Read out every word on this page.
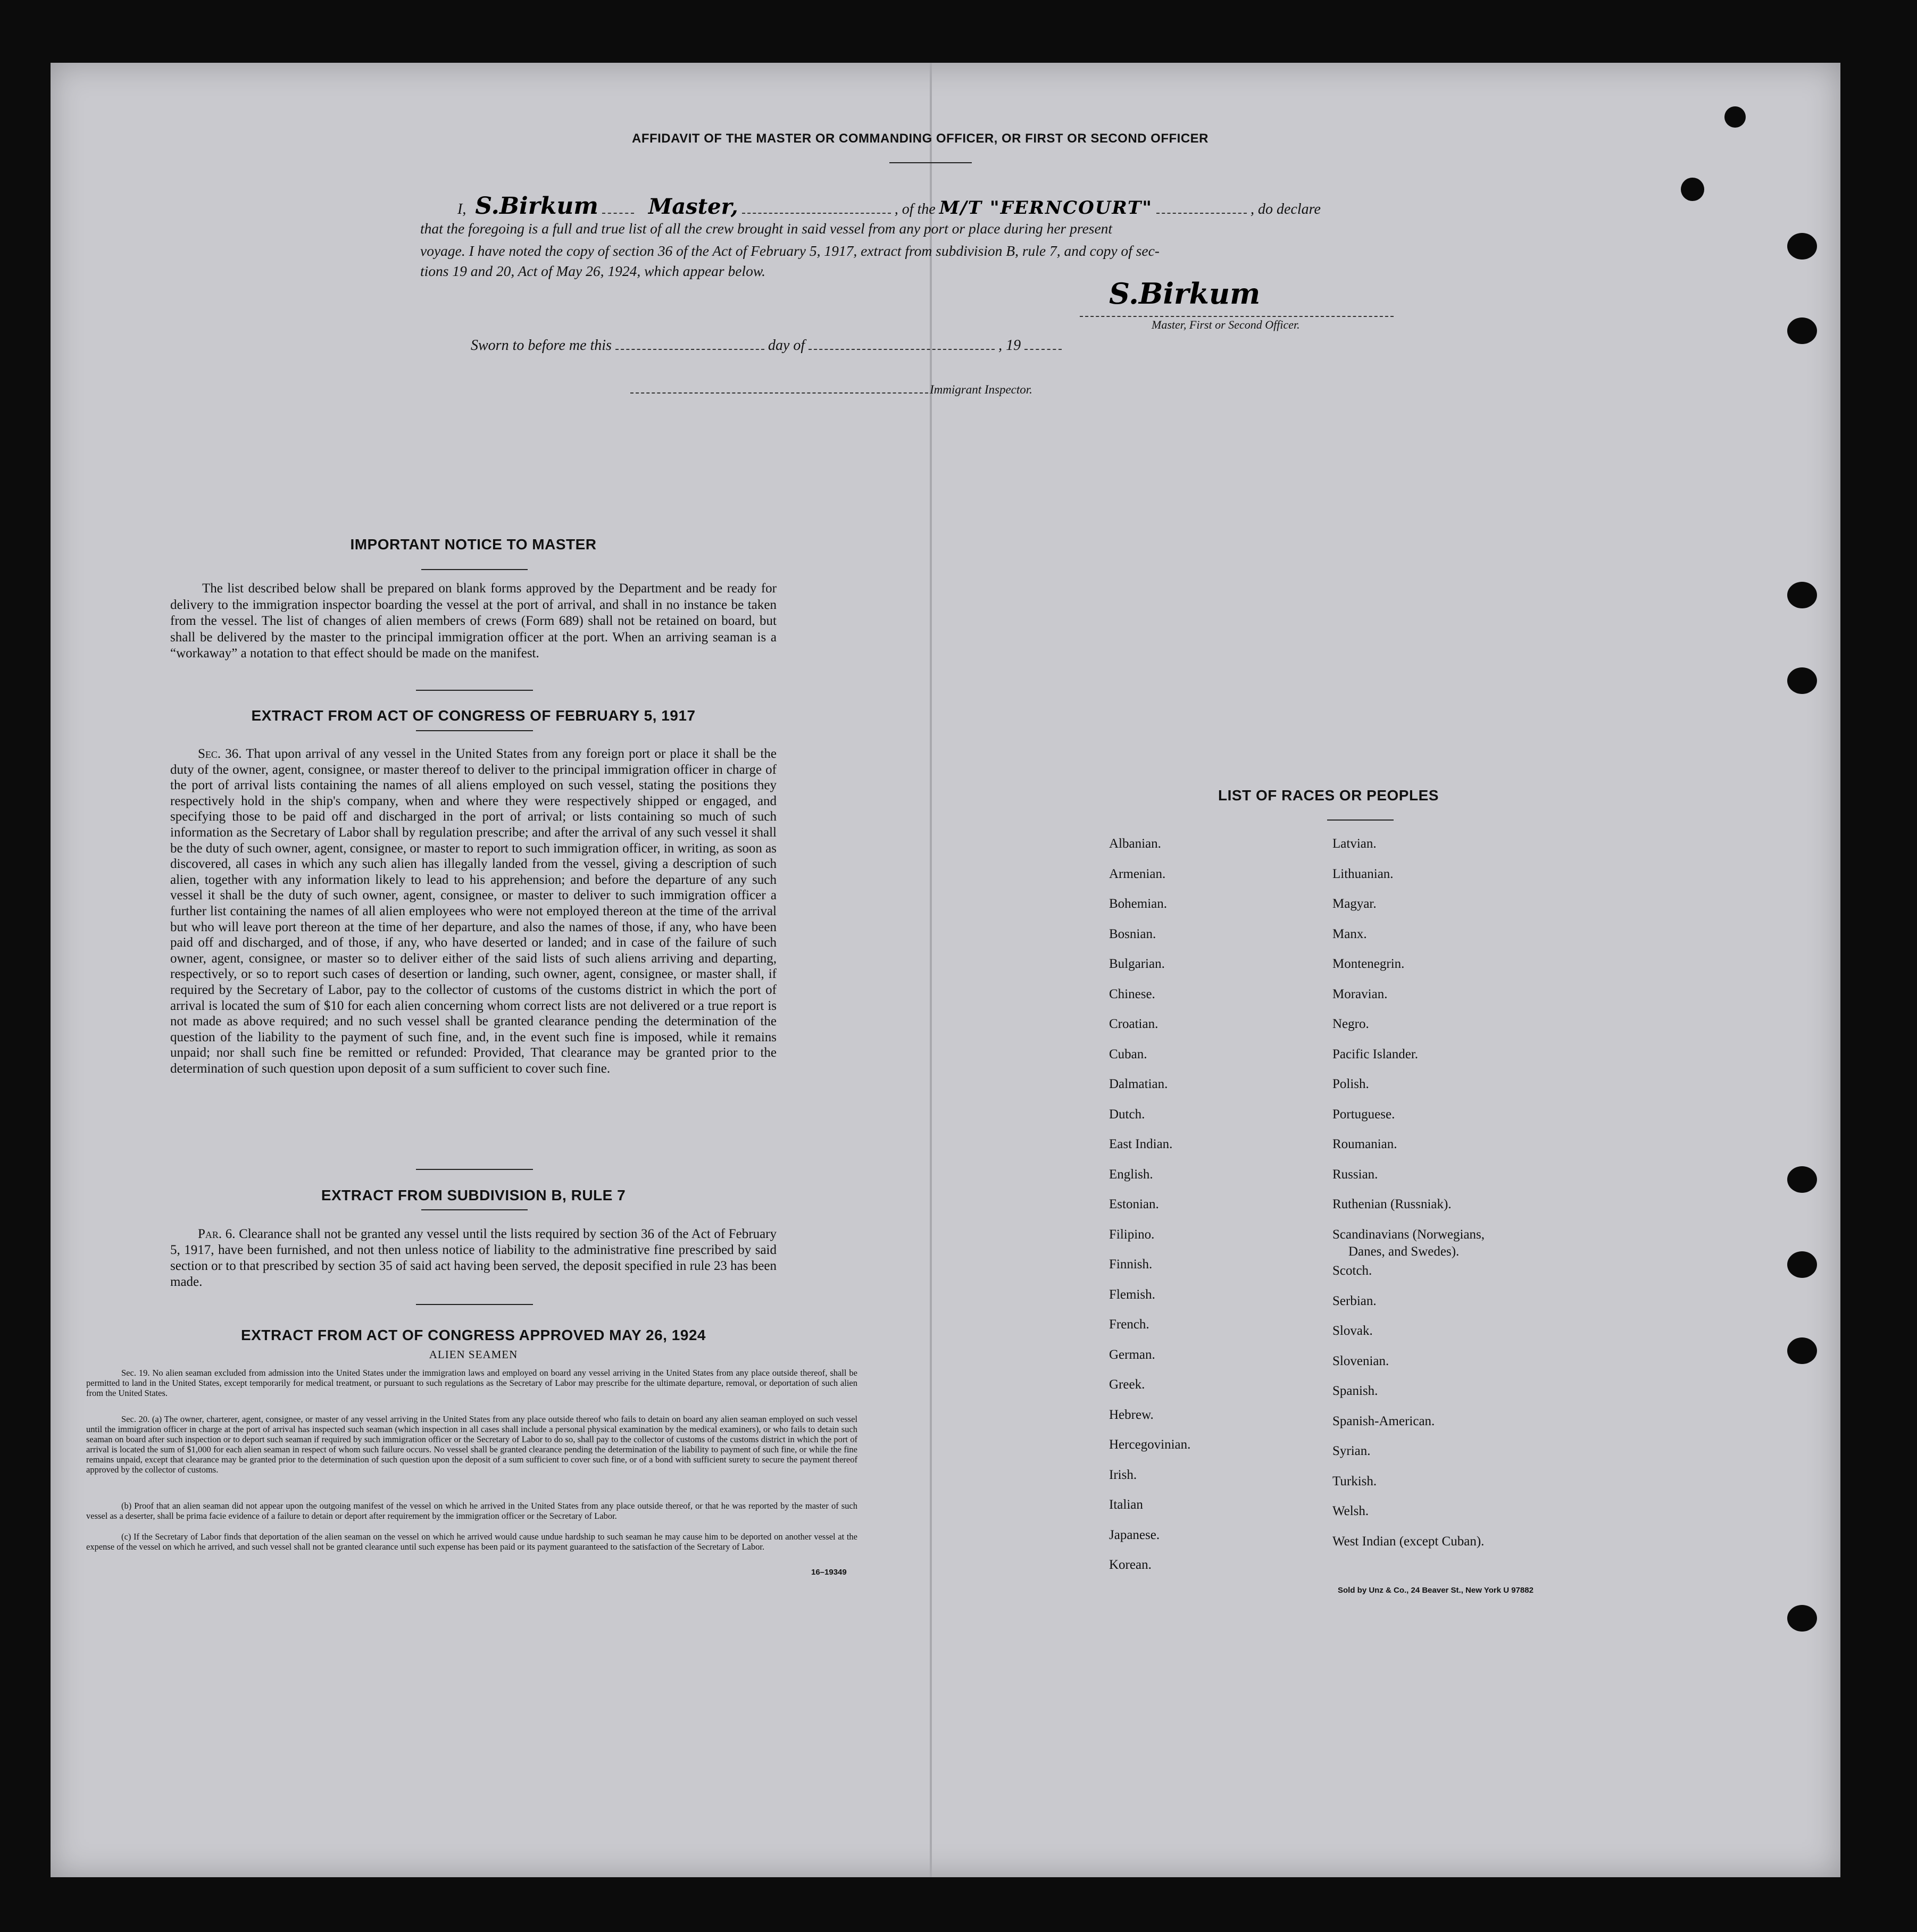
AFFIDAVIT OF THE MASTER OR COMMANDING OFFICER, OR FIRST OR SECOND OFFICER
I, S.Birkum Master,	, of the M/T "FERNCOURT"	, do declare
that the foregoing is a full and true list of all the crew brought in said vessel from any port or place during her present
voyage. I have noted the copy of section 36 of the Act of February 5, 1917, extract from subdivision B, rule 7, and copy of sec-
tions 19 and 20, Act of May 26, 1924, which appear below.
S.Birkum
Master, First or Second Officer.
Sworn to before me this	day of	, 19
Immigrant Inspector.
IMPORTANT NOTICE TO MASTER
The list described below shall be prepared on blank forms approved by the Department and be ready for delivery to the immigration inspector boarding the vessel at the port of arrival, and shall in no instance be taken from the vessel. The list of changes of alien members of crews (Form 689) shall not be retained on board, but shall be delivered by the master to the principal immigration officer at the port. When an arriving seaman is a “workaway” a notation to that effect should be made on the manifest.
EXTRACT FROM ACT OF CONGRESS OF FEBRUARY 5, 1917
Sec. 36. That upon arrival of any vessel in the United States from any foreign port or place it shall be the duty of the owner, agent, consignee, or master thereof to deliver to the principal immigration officer in charge of the port of arrival lists containing the names of all aliens employed on such vessel, stating the positions they respectively hold in the ship's company, when and where they were respectively shipped or engaged, and specifying those to be paid off and discharged in the port of arrival; or lists containing so much of such information as the Secretary of Labor shall by regulation prescribe; and after the arrival of any such vessel it shall be the duty of such owner, agent, consignee, or master to report to such immigration officer, in writing, as soon as discovered, all cases in which any such alien has illegally landed from the vessel, giving a description of such alien, together with any information likely to lead to his apprehension; and before the departure of any such vessel it shall be the duty of such owner, agent, consignee, or master to deliver to such immigration officer a further list containing the names of all alien employees who were not employed thereon at the time of the arrival but who will leave port thereon at the time of her departure, and also the names of those, if any, who have been paid off and discharged, and of those, if any, who have deserted or landed; and in case of the failure of such owner, agent, consignee, or master so to deliver either of the said lists of such aliens arriving and departing, respectively, or so to report such cases of desertion or landing, such owner, agent, consignee, or master shall, if required by the Secretary of Labor, pay to the collector of customs of the customs district in which the port of arrival is located the sum of $10 for each alien concerning whom correct lists are not delivered or a true report is not made as above required; and no such vessel shall be granted clearance pending the determination of the question of the liability to the payment of such fine, and, in the event such fine is imposed, while it remains unpaid; nor shall such fine be remitted or refunded: Provided, That clearance may be granted prior to the determination of such question upon deposit of a sum sufficient to cover such fine.
EXTRACT FROM SUBDIVISION B, RULE 7
Par. 6. Clearance shall not be granted any vessel until the lists required by section 36 of the Act of February 5, 1917, have been furnished, and not then unless notice of liability to the administrative fine prescribed by said section or to that prescribed by section 35 of said act having been served, the deposit specified in rule 23 has been made.
EXTRACT FROM ACT OF CONGRESS APPROVED MAY 26, 1924
ALIEN SEAMEN
Sec. 19. No alien seaman excluded from admission into the United States under the immigration laws and employed on board any vessel arriving in the United States from any place outside thereof, shall be permitted to land in the United States, except temporarily for medical treatment, or pursuant to such regulations as the Secretary of Labor may prescribe for the ultimate departure, removal, or deportation of such alien from the United States.
Sec. 20. (a) The owner, charterer, agent, consignee, or master of any vessel arriving in the United States from any place outside thereof who fails to detain on board any alien seaman employed on such vessel until the immigration officer in charge at the port of arrival has inspected such seaman (which inspection in all cases shall include a personal physical examination by the medical examiners), or who fails to detain such seaman on board after such inspection or to deport such seaman if required by such immigration officer or the Secretary of Labor to do so, shall pay to the collector of customs of the customs district in which the port of arrival is located the sum of $1,000 for each alien seaman in respect of whom such failure occurs. No vessel shall be granted clearance pending the determination of the liability to payment of such fine, or while the fine remains unpaid, except that clearance may be granted prior to the determination of such question upon the deposit of a sum sufficient to cover such fine, or of a bond with sufficient surety to secure the payment thereof approved by the collector of customs.
(b) Proof that an alien seaman did not appear upon the outgoing manifest of the vessel on which he arrived in the United States from any place outside thereof, or that he was reported by the master of such vessel as a deserter, shall be prima facie evidence of a failure to detain or deport after requirement by the immigration officer or the Secretary of Labor.
(c) If the Secretary of Labor finds that deportation of the alien seaman on the vessel on which he arrived would cause undue hardship to such seaman he may cause him to be deported on another vessel at the expense of the vessel on which he arrived, and such vessel shall not be granted clearance until such expense has been paid or its payment guaranteed to the satisfaction of the Secretary of Labor.
16–19349
LIST OF RACES OR PEOPLES
Sold by Unz & Co., 24 Beaver St., New York U 97882
Albanian.
Armenian.
Bohemian.
Bosnian.
Bulgarian.
Chinese.
Croatian.
Cuban.
Dalmatian.
Dutch.
East Indian.
English.
Estonian.
Filipino.
Finnish.
Flemish.
French.
German.
Greek.
Hebrew.
Hercegovinian.
Irish.
Italian
Japanese.
Korean.
Latvian.
Lithuanian.
Magyar.
Manx.
Montenegrin.
Moravian.
Negro.
Pacific Islander.
Polish.
Portuguese.
Roumanian.
Russian.
Ruthenian (Russniak).
Scandinavians (Norwegians,
Danes, and Swedes).
Scotch.
Serbian.
Slovak.
Slovenian.
Spanish.
Spanish-American.
Syrian.
Turkish.
Welsh.
West Indian (except Cuban).
